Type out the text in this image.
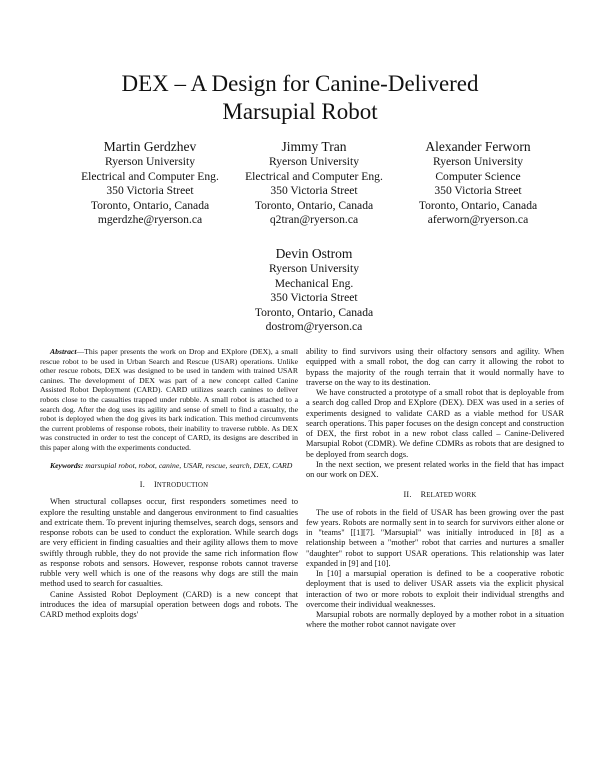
DEX – A Design for Canine-Delivered
Marsupial Robot
Martin Gerdzhev
Ryerson University
Electrical and Computer Eng.
350 Victoria Street
Toronto, Ontario, Canada
mgerdzhe@ryerson.ca
Jimmy Tran
Ryerson University
Electrical and Computer Eng.
350 Victoria Street
Toronto, Ontario, Canada
q2tran@ryerson.ca
Alexander Ferworn
Ryerson University
Computer Science
350 Victoria Street
Toronto, Ontario, Canada
aferworn@ryerson.ca
Devin Ostrom
Ryerson University
Mechanical Eng.
350 Victoria Street
Toronto, Ontario, Canada
dostrom@ryerson.ca

Abstract—This paper presents the work on Drop and EXplore (DEX), a small rescue robot to be used in Urban Search and Rescue (USAR) operations. Unlike other rescue robots, DEX was designed to be used in tandem with trained USAR canines. The development of DEX was part of a new concept called Canine Assisted Robot Deployment (CARD). CARD utilizes search canines to deliver robots close to the casualties trapped under rubble. A small robot is attached to a search dog. After the dog uses its agility and sense of smell to find a casualty, the robot is deployed when the dog gives its bark indication. This method circumvents the current problems of response robots, their inability to traverse rubble. As DEX was constructed in order to test the concept of CARD, its designs are described in this paper along with the experiments conducted.

Keywords: marsupial robot, robot, canine, USAR, rescue, search, DEX, CARD

I. INTRODUCTION

When structural collapses occur, first responders sometimes need to explore the resulting unstable and dangerous environment to find casualties and extricate them. To prevent injuring themselves, search dogs, sensors and response robots can be used to conduct the exploration. While search dogs are very efficient in finding casualties and their agility allows them to move swiftly through rubble, they do not provide the same rich information flow as response robots and sensors. However, response robots cannot traverse rubble very well which is one of the reasons why dogs are still the main method used to search for casualties.

Canine Assisted Robot Deployment (CARD) is a new concept that introduces the idea of marsupial operation between dogs and robots. The CARD method exploits dogs'

ability to find survivors using their olfactory sensors and agility. When equipped with a small robot, the dog can carry it allowing the robot to bypass the majority of the rough terrain that it would normally have to traverse on the way to its destination.

We have constructed a prototype of a small robot that is deployable from a search dog called Drop and EXplore (DEX). DEX was used in a series of experiments designed to validate CARD as a viable method for USAR search operations. This paper focuses on the design concept and construction of DEX, the first robot in a new robot class called – Canine-Delivered Marsupial Robot (CDMR). We define CDMRs as robots that are designed to be deployed from search dogs.

In the next section, we present related works in the field that has impact on our work on DEX.

II. RELATED WORK

The use of robots in the field of USAR has been growing over the past few years. Robots are normally sent in to search for survivors either alone or in "teams" [[1][7]. "Marsupial" was initially introduced in [8] as a relationship between a "mother" robot that carries and nurtures a smaller "daughter" robot to support USAR operations. This relationship was later expanded in [9] and [10].

In [10] a marsupial operation is defined to be a cooperative robotic deployment that is used to deliver USAR assets via the explicit physical interaction of two or more robots to exploit their individual strengths and overcome their individual weaknesses.

Marsupial robots are normally deployed by a mother robot in a situation where the mother robot cannot navigate over
